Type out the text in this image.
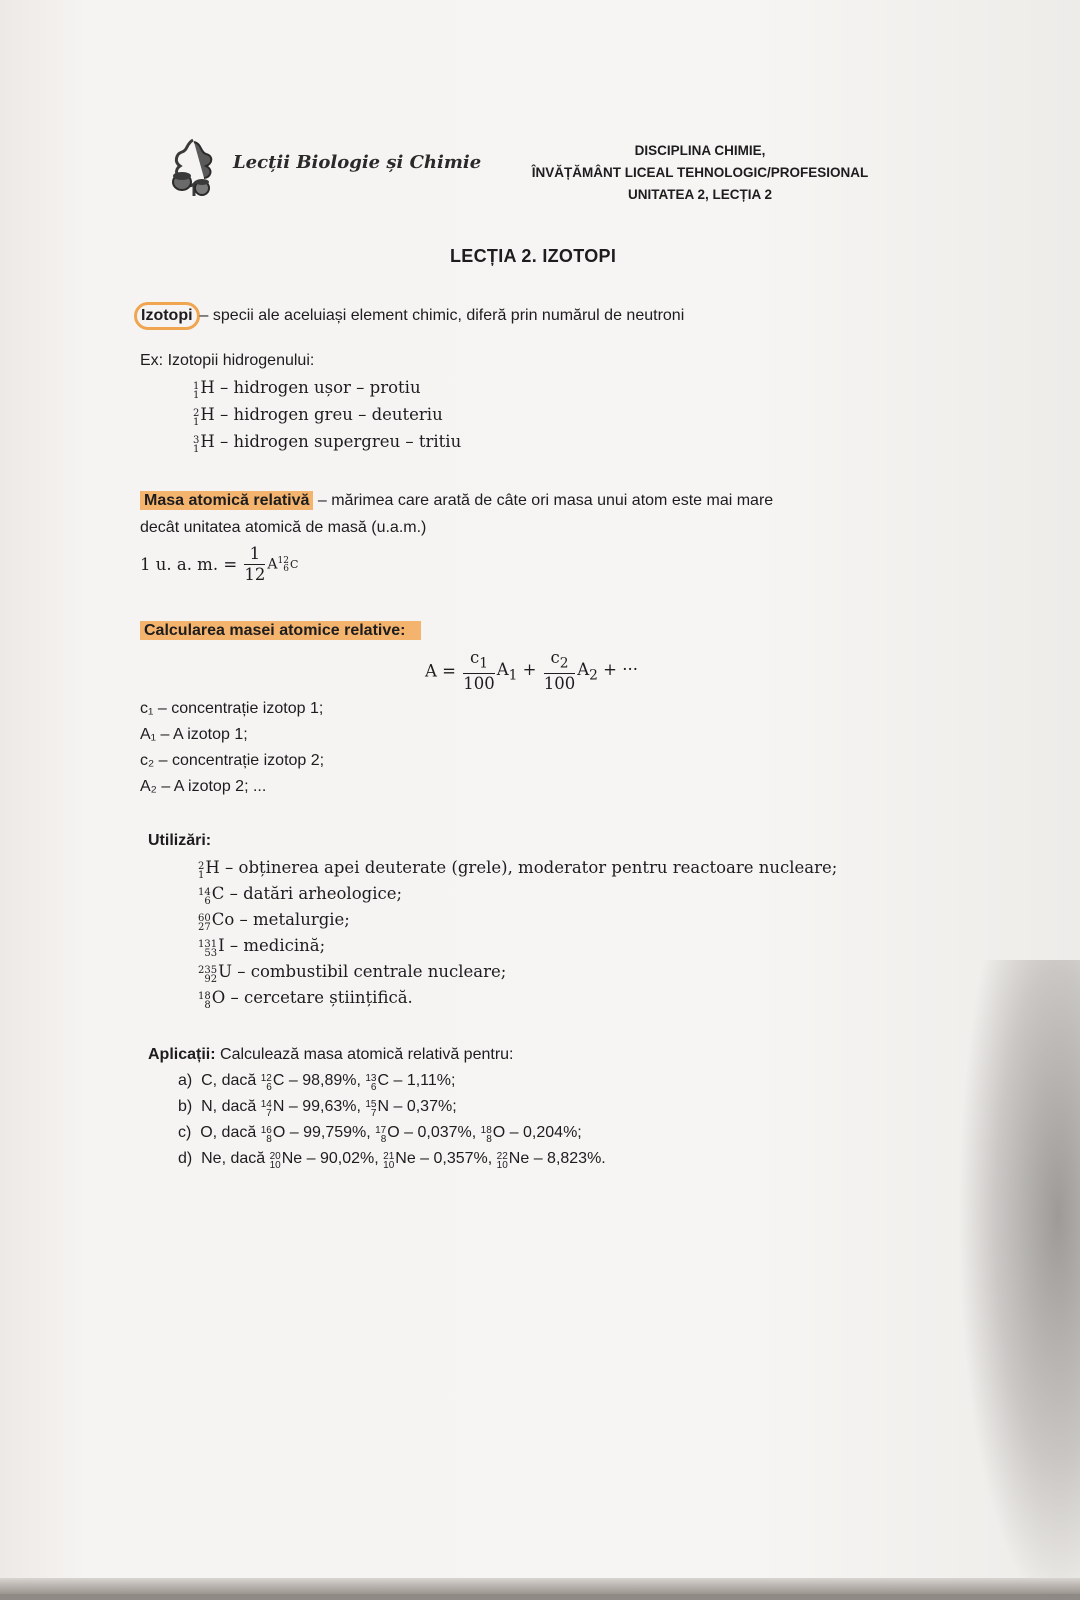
Lecții Biologie și Chimie
DISCIPLINA CHIMIE,
ÎNVĂȚĂMÂNT LICEAL TEHNOLOGIC/PROFESIONAL
UNITATEA 2, LECȚIA 2
LECȚIA 2. IZOTOPI
Izotopi – specii ale aceluiași element chimic, diferă prin numărul de neutroni
Ex: Izotopii hidrogenului:
1
1 H – hidrogen ușor – protiu
2
1 H – hidrogen greu – deuteriu
3
1 H – hidrogen supergreu – tritiu
Masa atomică relativă – mărimea care arată de câte ori masa unui atom este mai mare
decât unitatea atomică de masă (u.a.m.)
1 u. a. m. = $\frac{1}{12}$ A 12
6 C
Calcularea masei atomice relative:
$A = \frac{c_1}{100} A_1 + \frac{c_2}{100} A_2$ + ···
c₁ – concentrație izotop 1;
A₁ – A izotop 1;
c₂ – concentrație izotop 2;
A₂ – A izotop 2; ...
Utilizări:
2
1 H – obținerea apei deuterate (grele), moderator pentru reactoare nucleare;
14
6 C – datări arheologice;
60
27 Co – metalurgie;
131
53 I – medicină;
235
92 U – combustibil centrale nucleare;
18
8 O – cercetare științifică.
Aplicații: Calculează masa atomică relativă pentru:
a) C, dacă 12
6 C – 98,89%, 13
6 C – 1,11%;
b) N, dacă 14
7 N – 99,63%, 15
7 N – 0,37%;
c) O, dacă 16
8 O – 99,759%, 17
8 O – 0,037%, 18
8 O – 0,204%;
d) Ne, dacă 20
10 Ne – 90,02%, 21
10 Ne – 0,357%, 22
10 Ne – 8,823%.
